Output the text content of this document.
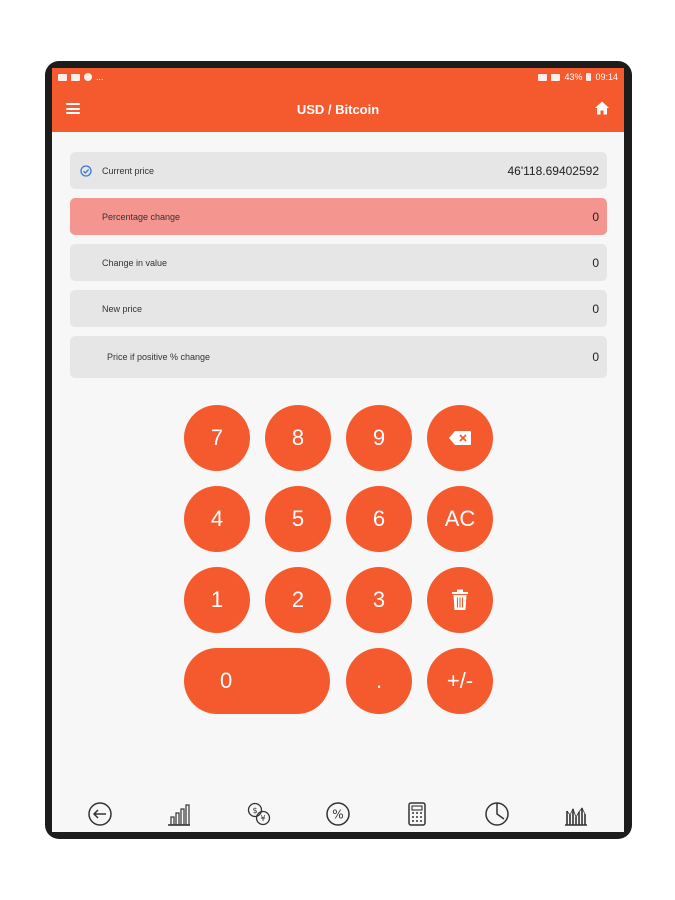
...	43% 09:14
USD / Bitcoin
Current price	46'118.69402592
Percentage change	0
Change in value	0
New price	0
Price if positive % change	0
7	8	9
4	5	6	AC
1	2	3
0	.	+/-
$
¥	%
